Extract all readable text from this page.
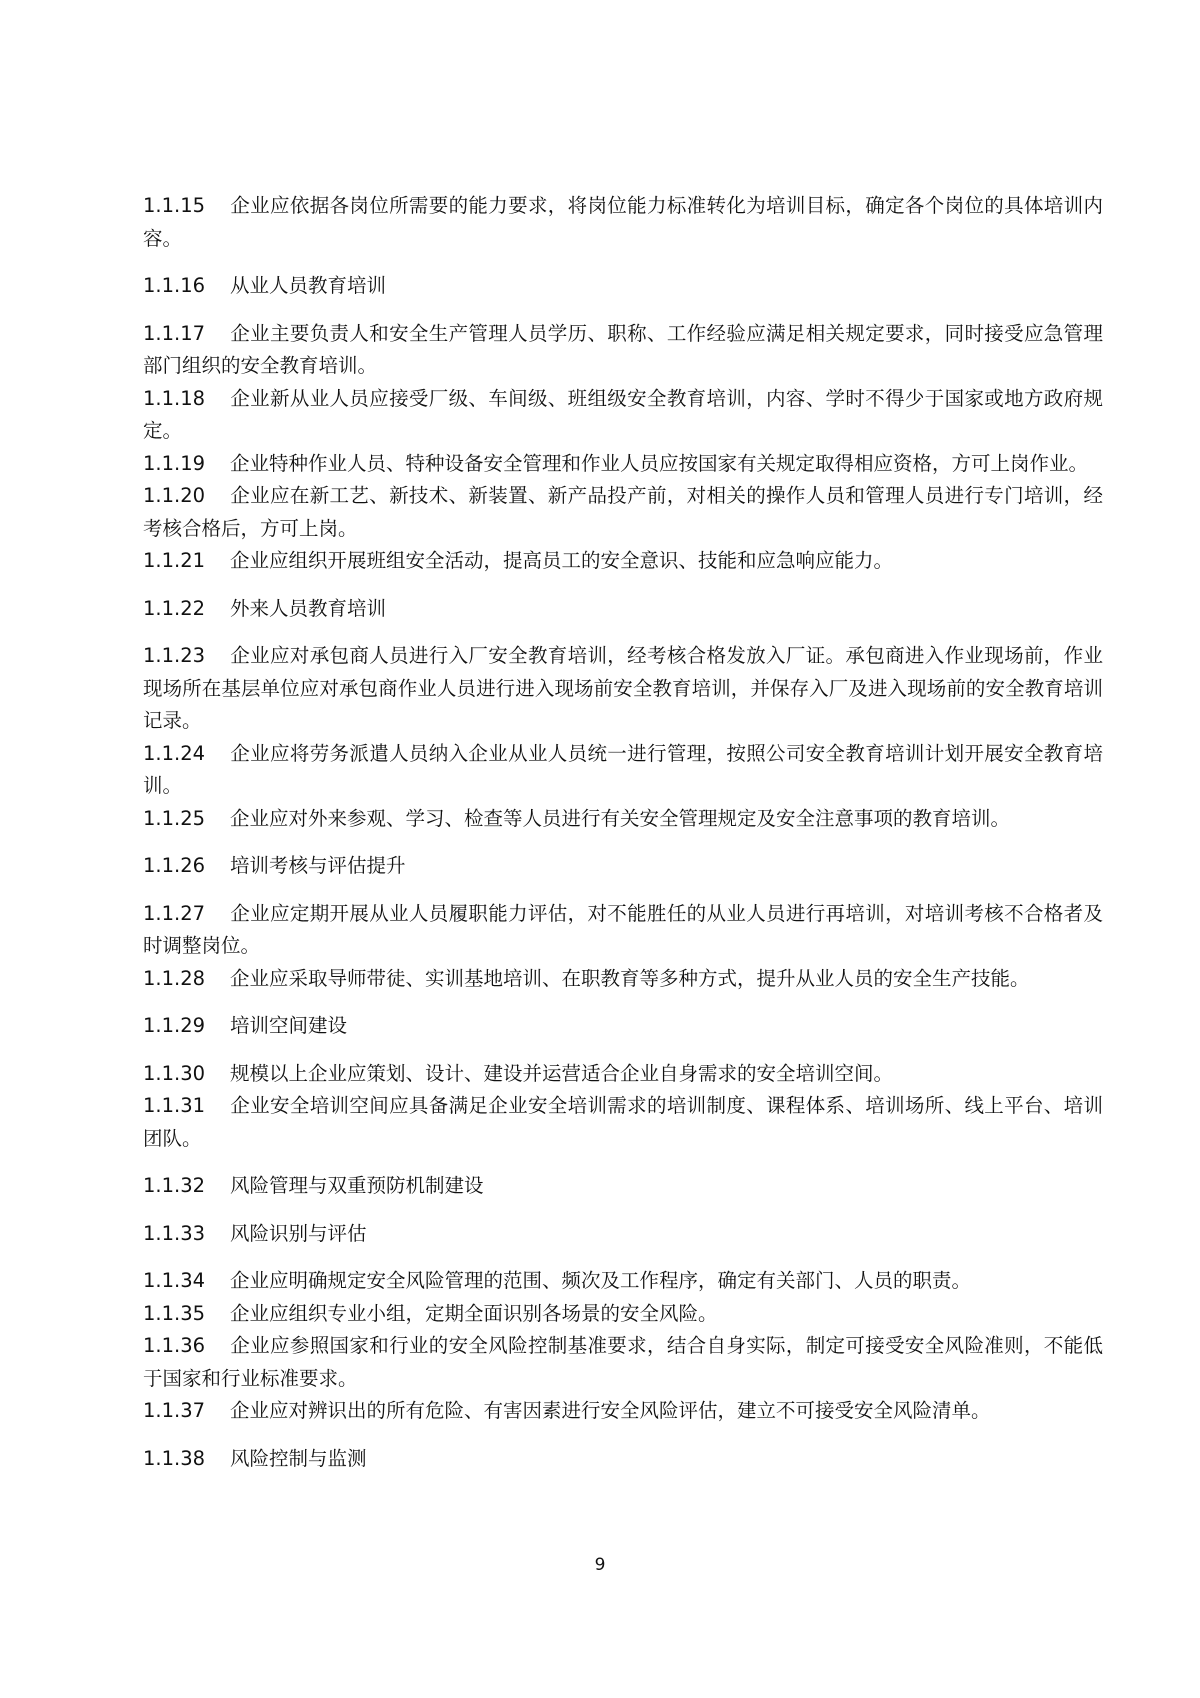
1.1.15 企业应依据各岗位所需要的能力要求，将岗位能力标准转化为培训目标，确定各个岗位的具体培训内容。

1.1.16 从业人员教育培训

1.1.17 企业主要负责人和安全生产管理人员学历、职称、工作经验应满足相关规定要求，同时接受应急管理部门组织的安全教育培训。

1.1.18 企业新从业人员应接受厂级、车间级、班组级安全教育培训，内容、学时不得少于国家或地方政府规定。

1.1.19 企业特种作业人员、特种设备安全管理和作业人员应按国家有关规定取得相应资格，方可上岗作业。

1.1.20 企业应在新工艺、新技术、新装置、新产品投产前，对相关的操作人员和管理人员进行专门培训，经考核合格后，方可上岗。

1.1.21 企业应组织开展班组安全活动，提高员工的安全意识、技能和应急响应能力。

1.1.22 外来人员教育培训

1.1.23 企业应对承包商人员进行入厂安全教育培训，经考核合格发放入厂证。承包商进入作业现场前，作业现场所在基层单位应对承包商作业人员进行进入现场前安全教育培训，并保存入厂及进入现场前的安全教育培训记录。

1.1.24 企业应将劳务派遣人员纳入企业从业人员统一进行管理，按照公司安全教育培训计划开展安全教育培训。

1.1.25 企业应对外来参观、学习、检查等人员进行有关安全管理规定及安全注意事项的教育培训。

1.1.26 培训考核与评估提升

1.1.27 企业应定期开展从业人员履职能力评估，对不能胜任的从业人员进行再培训，对培训考核不合格者及时调整岗位。

1.1.28 企业应采取导师带徒、实训基地培训、在职教育等多种方式，提升从业人员的安全生产技能。

1.1.29 培训空间建设

1.1.30 规模以上企业应策划、设计、建设并运营适合企业自身需求的安全培训空间。

1.1.31 企业安全培训空间应具备满足企业安全培训需求的培训制度、课程体系、培训场所、线上平台、培训团队。

1.1.32 风险管理与双重预防机制建设

1.1.33 风险识别与评估

1.1.34 企业应明确规定安全风险管理的范围、频次及工作程序，确定有关部门、人员的职责。

1.1.35 企业应组织专业小组，定期全面识别各场景的安全风险。

1.1.36 企业应参照国家和行业的安全风险控制基准要求，结合自身实际，制定可接受安全风险准则，不能低于国家和行业标准要求。

1.1.37 企业应对辨识出的所有危险、有害因素进行安全风险评估，建立不可接受安全风险清单。

1.1.38 风险控制与监测

9
